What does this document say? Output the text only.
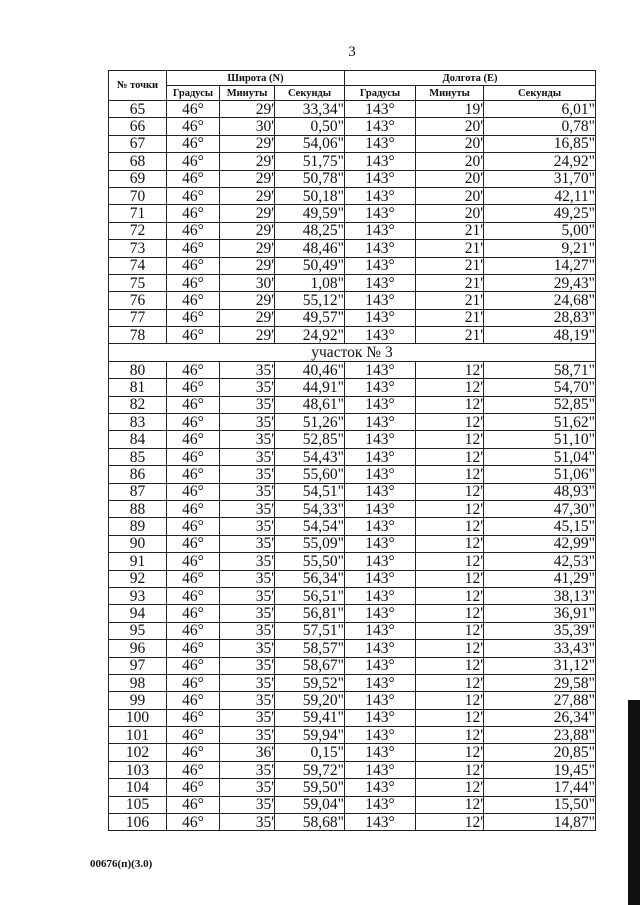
3
№ точки	Широта (N)			Долгота (E)		
	Градусы	Минуты	Секунды	Градусы	Минуты	Секунды
65	46°	29'	33,34"	143°	19'	6,01"
66	46°	30'	0,50"	143°	20'	0,78"
67	46°	29'	54,06"	143°	20'	16,85"
68	46°	29'	51,75"	143°	20'	24,92"
69	46°	29'	50,78"	143°	20'	31,70"
70	46°	29'	50,18"	143°	20'	42,11"
71	46°	29'	49,59"	143°	20'	49,25"
72	46°	29'	48,25"	143°	21'	5,00"
73	46°	29'	48,46"	143°	21'	9,21"
74	46°	29'	50,49"	143°	21'	14,27"
75	46°	30'	1,08"	143°	21'	29,43"
76	46°	29'	55,12"	143°	21'	24,68"
77	46°	29'	49,57"	143°	21'	28,83"
78	46°	29'	24,92"	143°	21'	48,19"
участок № 3						
80	46°	35'	40,46"	143°	12'	58,71"
81	46°	35'	44,91"	143°	12'	54,70"
82	46°	35'	48,61"	143°	12'	52,85"
83	46°	35'	51,26"	143°	12'	51,62"
84	46°	35'	52,85"	143°	12'	51,10"
85	46°	35'	54,43"	143°	12'	51,04"
86	46°	35'	55,60"	143°	12'	51,06"
87	46°	35'	54,51"	143°	12'	48,93"
88	46°	35'	54,33"	143°	12'	47,30"
89	46°	35'	54,54"	143°	12'	45,15"
90	46°	35'	55,09"	143°	12'	42,99"
91	46°	35'	55,50"	143°	12'	42,53"
92	46°	35'	56,34"	143°	12'	41,29"
93	46°	35'	56,51"	143°	12'	38,13"
94	46°	35'	56,81"	143°	12'	36,91"
95	46°	35'	57,51"	143°	12'	35,39"
96	46°	35'	58,57"	143°	12'	33,43"
97	46°	35'	58,67"	143°	12'	31,12"
98	46°	35'	59,52"	143°	12'	29,58"
99	46°	35'	59,20"	143°	12'	27,88"
100	46°	35'	59,41"	143°	12'	26,34"
101	46°	35'	59,94"	143°	12'	23,88"
102	46°	36'	0,15"	143°	12'	20,85"
103	46°	35'	59,72"	143°	12'	19,45"
104	46°	35'	59,50"	143°	12'	17,44"
105	46°	35'	59,04"	143°	12'	15,50"
106	46°	35'	58,68"	143°	12'	14,87"
00676(п)(3.0)
